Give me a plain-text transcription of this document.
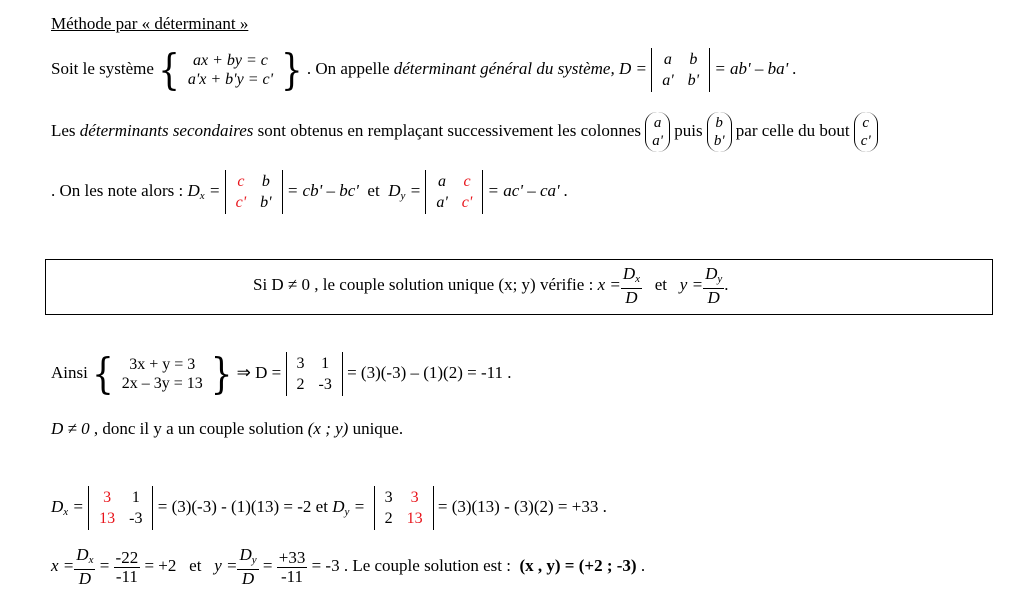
Méthode par « déterminant »
Soit le système { ax + by = c
a'x + b'y = c' } . On appelle déterminant général du système, D = a b
a' b'
= ab' – ba' .
Les déterminants secondaires sont obtenus en remplaçant successivement les colonnes a
a'
puis b
b'
par celle du bout c
c'
. On les note alors : $D_x = c$ b
c' b'
= cb' – bc' et $D_y = a$ c
a' c'
= ac' – ca' .
Si D ≠ 0 , le couple solution unique (x; y) vérifie : $x = \frac{D_x}{D}$ et $y = \frac{D_y}{D}$ .
Ainsi { 3x + y = 3
2x – 3y = 13 } ⇒ D = 3 1
2 -3
= (3)(-3) – (1)(2) = -11 .
D ≠ 0 , donc il y a un couple solution (x ; y) unique.
$D_x = 3$ 1
13 -3
= (3)(-3) - (1)(13) = -2 et $D_y = 3$ 3
2 13
= (3)(13) - (3)(2) = +33 .
$x = \frac{D_x}{D} = \frac{-22}{-11} = +2$ et $y = \frac{D_y}{D} = \frac{+33}{-11} = -3$ . Le couple solution est : (x , y) = (+2 ; -3) .
